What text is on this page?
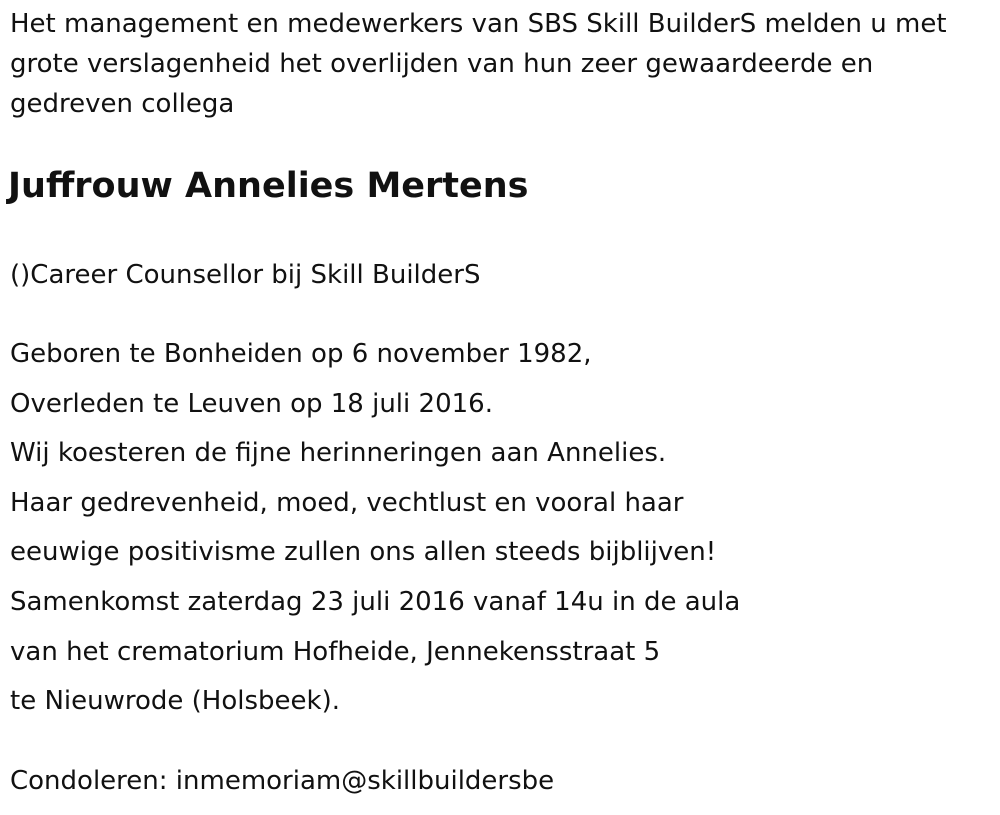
Het management en medewerkers van SBS Skill BuilderS melden u met
grote verslagenheid het overlijden van hun zeer gewaardeerde en
gedreven collega

Juffrouw Annelies Mertens

()Career Counsellor bij Skill BuilderS

Geboren te Bonheiden op 6 november 1982,
Overleden te Leuven op 18 juli 2016.
Wij koesteren de fijne herinneringen aan Annelies.
Haar gedrevenheid, moed, vechtlust en vooral haar
eeuwige positivisme zullen ons allen steeds bijblijven!
Samenkomst zaterdag 23 juli 2016 vanaf 14u in de aula
van het crematorium Hofheide, Jennekensstraat 5
te Nieuwrode (Holsbeek).

Condoleren: inmemoriam@skillbuildersbe
